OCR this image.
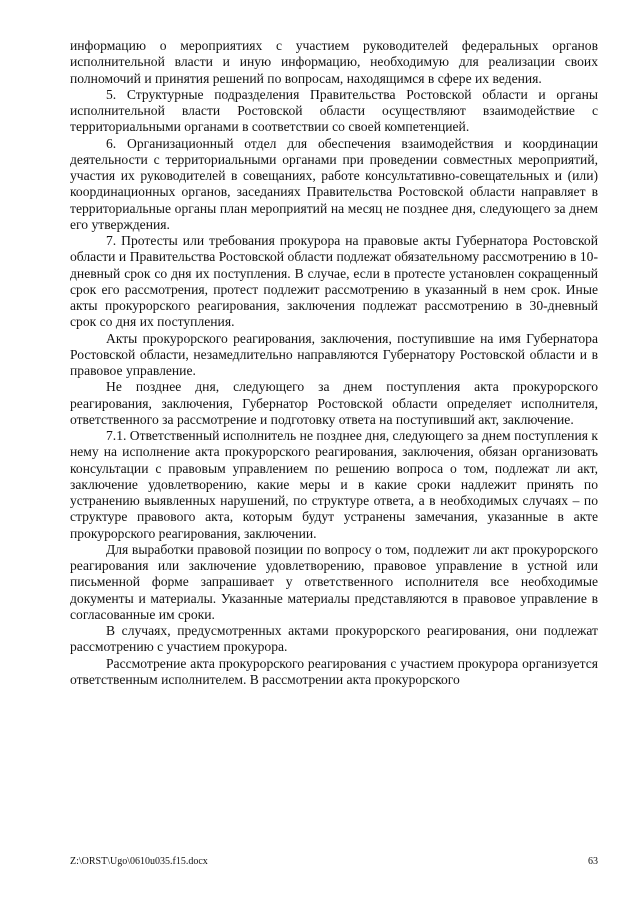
информацию о мероприятиях с участием руководителей федеральных органов исполнительной власти и иную информацию, необходимую для реализации своих полномочий и принятия решений по вопросам, находящимся в сфере их ведения.

5. Структурные подразделения Правительства Ростовской области и органы исполнительной власти Ростовской области осуществляют взаимодействие с территориальными органами в соответствии со своей компетенцией.

6. Организационный отдел для обеспечения взаимодействия и координации деятельности с территориальными органами при проведении совместных мероприятий, участия их руководителей в совещаниях, работе консультативно-совещательных и (или) координационных органов, заседаниях Правительства Ростовской области направляет в территориальные органы план мероприятий на месяц не позднее дня, следующего за днем его утверждения.

7. Протесты или требования прокурора на правовые акты Губернатора Ростовской области и Правительства Ростовской области подлежат обязательному рассмотрению в 10-дневный срок со дня их поступления. В случае, если в протесте установлен сокращенный срок его рассмотрения, протест подлежит рассмотрению в указанный в нем срок. Иные акты прокурорского реагирования, заключения подлежат рассмотрению в 30-дневный срок со дня их поступления.

Акты прокурорского реагирования, заключения, поступившие на имя Губернатора Ростовской области, незамедлительно направляются Губернатору Ростовской области и в правовое управление.

Не позднее дня, следующего за днем поступления акта прокурорского реагирования, заключения, Губернатор Ростовской области определяет исполнителя, ответственного за рассмотрение и подготовку ответа на поступивший акт, заключение.

7.1. Ответственный исполнитель не позднее дня, следующего за днем поступления к нему на исполнение акта прокурорского реагирования, заключения, обязан организовать консультации с правовым управлением по решению вопроса о том, подлежат ли акт, заключение удовлетворению, какие меры и в какие сроки надлежит принять по устранению выявленных нарушений, по структуре ответа, а в необходимых случаях – по структуре правового акта, которым будут устранены замечания, указанные в акте прокурорского реагирования, заключении.

Для выработки правовой позиции по вопросу о том, подлежит ли акт прокурорского реагирования или заключение удовлетворению, правовое управление в устной или письменной форме запрашивает у ответственного исполнителя все необходимые документы и материалы. Указанные материалы представляются в правовое управление в согласованные им сроки.

В случаях, предусмотренных актами прокурорского реагирования, они подлежат рассмотрению с участием прокурора.

Рассмотрение акта прокурорского реагирования с участием прокурора организуется ответственным исполнителем. В рассмотрении акта прокурорского

Z:\ORST\Ugo\0610u035.f15.docx	63
